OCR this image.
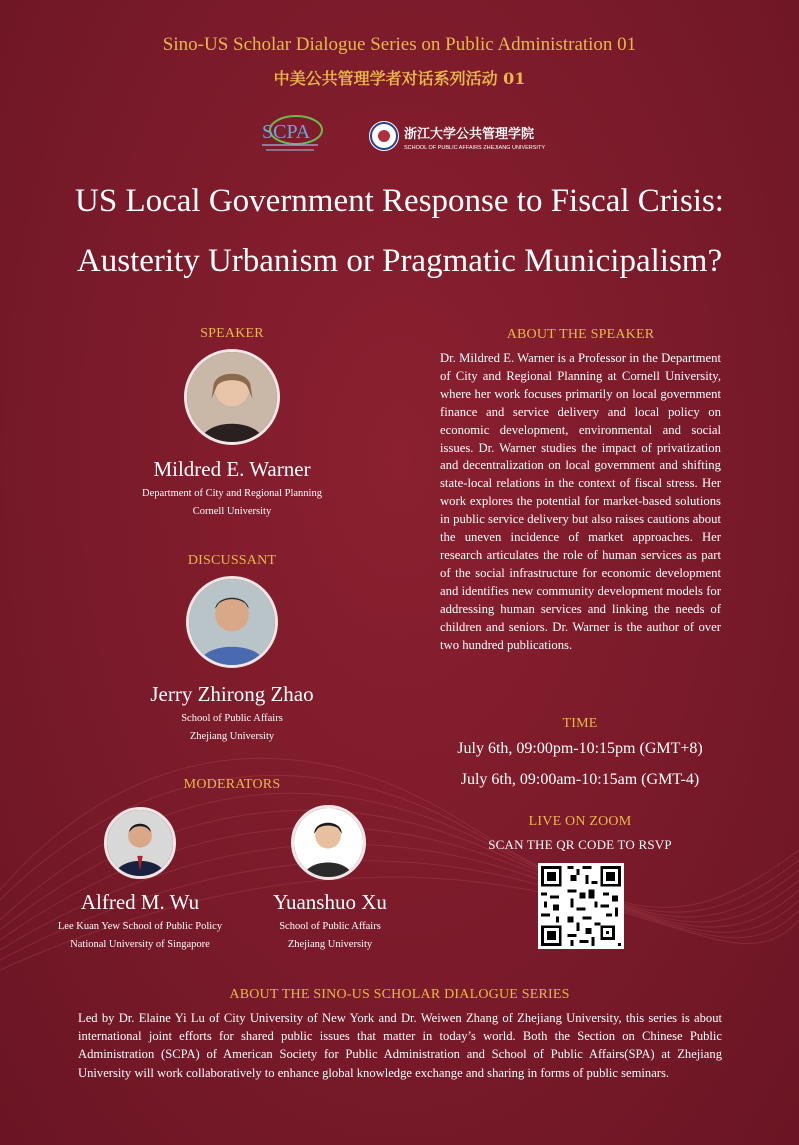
Sino-US Scholar Dialogue Series on Public Administration 01
中美公共管理学者对话系列活动 01
SCPA	浙江大学公共管理学院
SCHOOL OF PUBLIC AFFAIRS ZHEJIANG UNIVERSITY
US Local Government Response to Fiscal Crisis:
Austerity Urbanism or Pragmatic Municipalism?
SPEAKER
Mildred E. Warner
Department of City and Regional Planning
Cornell University
DISCUSSANT
Jerry Zhirong Zhao
School of Public Affairs
Zhejiang University
MODERATORS
Alfred M. Wu
Lee Kuan Yew School of Public Policy
National University of Singapore
Yuanshuo Xu
School of Public Affairs
Zhejiang University
ABOUT THE SPEAKER
Dr. Mildred E. Warner is a Professor in the Department of City and Regional Planning at Cornell University, where her work focuses primarily on local government finance and service delivery and local policy on economic development, environmental and social issues. Dr. Warner studies the impact of privatization and decentralization on local government and shifting state-local relations in the context of fiscal stress. Her work explores the potential for market-based solutions in public service delivery but also raises cautions about the uneven incidence of market approaches. Her research articulates the role of human services as part of the social infrastructure for economic development and identifies new community development models for addressing human services and linking the needs of children and seniors. Dr. Warner is the author of over two hundred publications.
TIME
July 6th, 09:00pm-10:15pm (GMT+8)
July 6th, 09:00am-10:15am (GMT-4)
LIVE ON ZOOM
SCAN THE QR CODE TO RSVP
ABOUT THE SINO-US SCHOLAR DIALOGUE SERIES
Led by Dr. Elaine Yi Lu of City University of New York and Dr. Weiwen Zhang of Zhejiang University, this series is about international joint efforts for shared public issues that matter in today’s world. Both the Section on Chinese Public Administration (SCPA) of American Society for Public Administration and School of Public Affairs(SPA) at Zhejiang University will work collaboratively to enhance global knowledge exchange and sharing in forms of public seminars.
